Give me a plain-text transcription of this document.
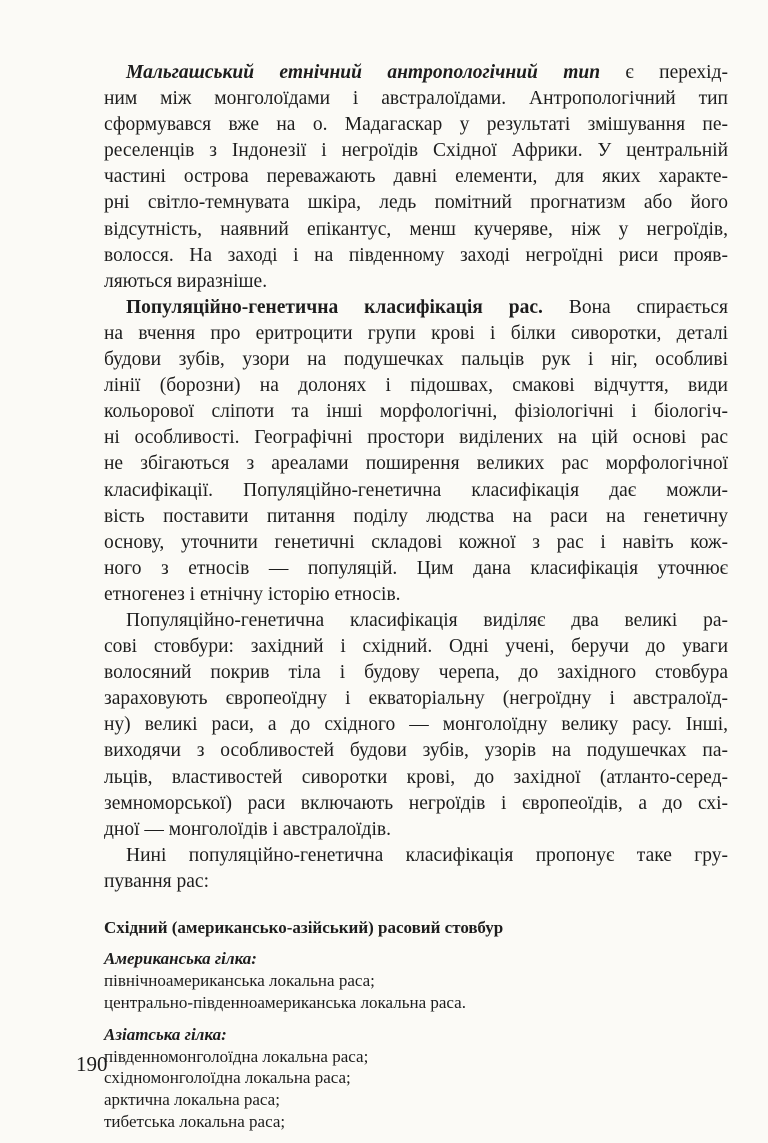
Мальгашський етнічний антропологічний тип є перехід-
ним між монголоїдами і австралоїдами. Антропологічний тип
сформувався вже на о. Мадагаскар у результаті змішування пе-
реселенців з Індонезії і негроїдів Східної Африки. У центральній
частині острова переважають давні елементи, для яких характе-
рні світло-темнувата шкіра, ледь помітний прогнатизм або його
відсутність, наявний епікантус, менш кучеряве, ніж у негроїдів,
волосся. На заході і на південному заході негроїдні риси прояв-
ляються виразніше.

Популяційно-генетична класифікація рас. Вона спирається
на вчення про еритроцити групи крові і білки сиворотки, деталі
будови зубів, узори на подушечках пальців рук і ніг, особливі
лінії (борозни) на долонях і підошвах, смакові відчуття, види
кольорової сліпоти та інші морфологічні, фізіологічні і біологіч-
ні особливості. Географічні простори виділених на цій основі рас
не збігаються з ареалами поширення великих рас морфологічної
класифікації. Популяційно-генетична класифікація дає можли-
вість поставити питання поділу людства на раси на генетичну
основу, уточнити генетичні складові кожної з рас і навіть кож-
ного з етносів — популяцій. Цим дана класифікація уточнює
етногенез і етнічну історію етносів.

Популяційно-генетична класифікація виділяє два великі ра-
сові стовбури: західний і східний. Одні учені, беручи до уваги
волосяний покрив тіла і будову черепа, до західного стовбура
зараховують європеоїдну і екваторіальну (негроїдну і австралоїд-
ну) великі раси, а до східного — монголоїдну велику расу. Інші,
виходячи з особливостей будови зубів, узорів на подушечках па-
льців, властивостей сиворотки крові, до західної (атланто-серед-
земноморської) раси включають негроїдів і європеоїдів, а до схі-
дної — монголоїдів і австралоїдів.

Нині популяційно-генетична класифікація пропонує таке гру-
пування рас:

Східний (американсько-азійський) расовий стовбур

Американська гілка:

північноамериканська локальна раса;

центрально-південноамериканська локальна раса.

Азіатська гілка:

південномонголоїдна локальна раса;

східномонголоїдна локальна раса;

арктична локальна раса;

тибетська локальна раса;

190
